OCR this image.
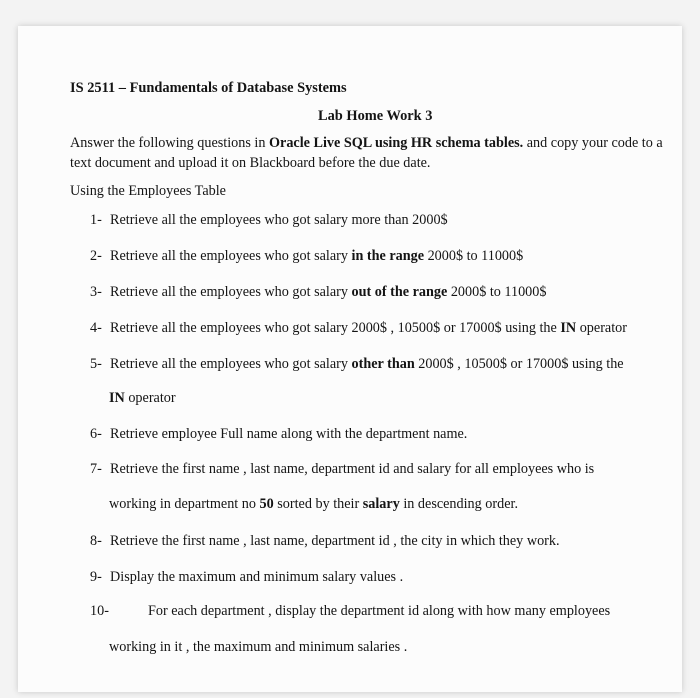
IS 2511 – Fundamentals of Database Systems
Lab Home Work 3
Answer the following questions in Oracle Live SQL using HR schema tables. and copy your code to a text document and upload it on Blackboard before the due date.
Using the Employees Table
1- Retrieve all the employees who got salary more than 2000$
2- Retrieve all the employees who got salary in the range 2000$ to 11000$
3- Retrieve all the employees who got salary out of the range 2000$ to 11000$
4- Retrieve all the employees who got salary 2000$ , 10500$ or 17000$ using the IN operator
5- Retrieve all the employees who got salary other than 2000$ , 10500$ or 17000$ using the
IN operator
6- Retrieve employee Full name along with the department name.
7- Retrieve the first name , last name, department id and salary for all employees who is
working in department no 50 sorted by their salary in descending order.
8- Retrieve the first name , last name, department id , the city in which they work.
9- Display the maximum and minimum salary values .
10-	For each department , display the department id along with how many employees
working in it , the maximum and minimum salaries .
